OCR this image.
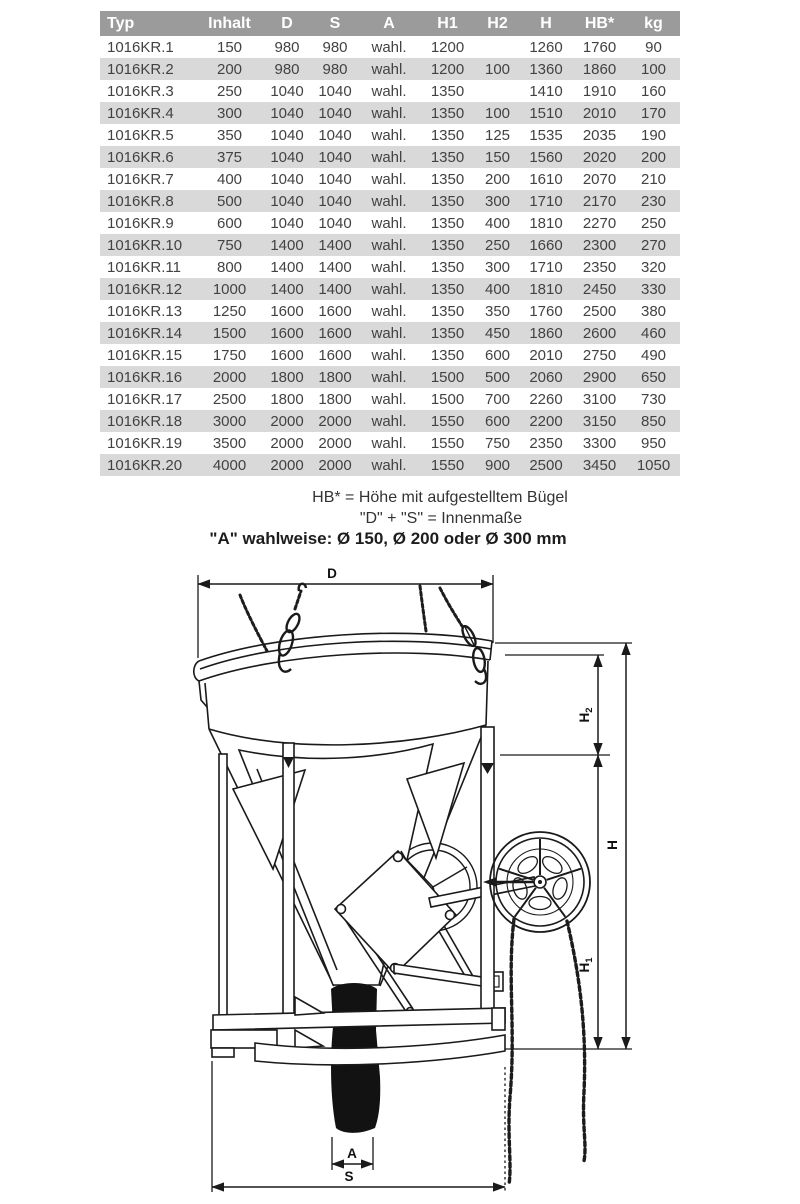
Typ	Inhalt	D	S	A	H1	H2	H	HB*	kg
1016KR.1	150	980	980	wahl.	1200		1260	1760	90
1016KR.2	200	980	980	wahl.	1200	100	1360	1860	100
1016KR.3	250	1040	1040	wahl.	1350		1410	1910	160
1016KR.4	300	1040	1040	wahl.	1350	100	1510	2010	170
1016KR.5	350	1040	1040	wahl.	1350	125	1535	2035	190
1016KR.6	375	1040	1040	wahl.	1350	150	1560	2020	200
1016KR.7	400	1040	1040	wahl.	1350	200	1610	2070	210
1016KR.8	500	1040	1040	wahl.	1350	300	1710	2170	230
1016KR.9	600	1040	1040	wahl.	1350	400	1810	2270	250
1016KR.10	750	1400	1400	wahl.	1350	250	1660	2300	270
1016KR.11	800	1400	1400	wahl.	1350	300	1710	2350	320
1016KR.12	1000	1400	1400	wahl.	1350	400	1810	2450	330
1016KR.13	1250	1600	1600	wahl.	1350	350	1760	2500	380
1016KR.14	1500	1600	1600	wahl.	1350	450	1860	2600	460
1016KR.15	1750	1600	1600	wahl.	1350	600	2010	2750	490
1016KR.16	2000	1800	1800	wahl.	1500	500	2060	2900	650
1016KR.17	2500	1800	1800	wahl.	1500	700	2260	3100	730
1016KR.18	3000	2000	2000	wahl.	1550	600	2200	3150	850
1016KR.19	3500	2000	2000	wahl.	1550	750	2350	3300	950
1016KR.20	4000	2000	2000	wahl.	1550	900	2500	3450	1050
HB* = Höhe mit aufgestelltem Bügel
"D" + "S" = Innenmaße
"A" wahlweise: Ø 150, Ø 200 oder Ø 300 mm
D
$H_2$
H
$H_1$
A
S
